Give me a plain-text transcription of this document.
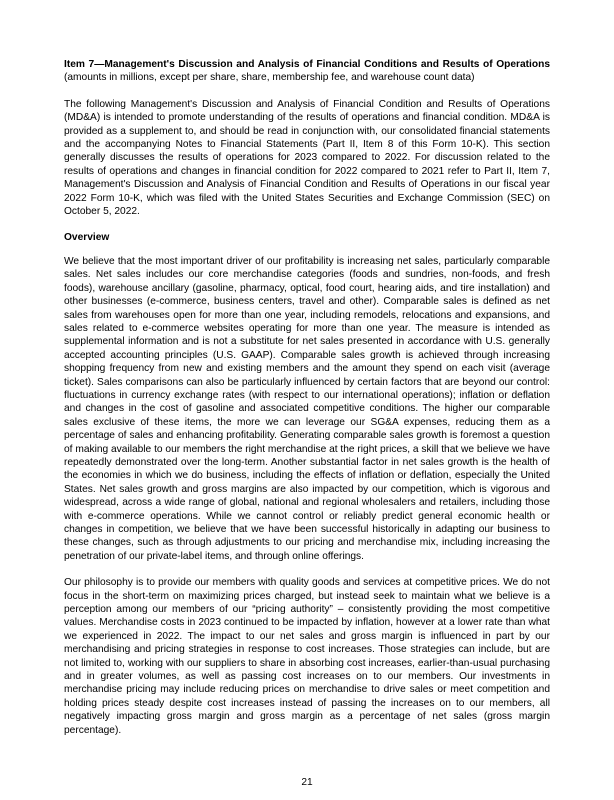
Item 7—Management's Discussion and Analysis of Financial Conditions and Results of Operations (amounts in millions, except per share, share, membership fee, and warehouse count data)

The following Management's Discussion and Analysis of Financial Condition and Results of Operations (MD&A) is intended to promote understanding of the results of operations and financial condition. MD&A is provided as a supplement to, and should be read in conjunction with, our consolidated financial statements and the accompanying Notes to Financial Statements (Part II, Item 8 of this Form 10-K). This section generally discusses the results of operations for 2023 compared to 2022. For discussion related to the results of operations and changes in financial condition for 2022 compared to 2021 refer to Part II, Item 7, Management's Discussion and Analysis of Financial Condition and Results of Operations in our fiscal year 2022 Form 10-K, which was filed with the United States Securities and Exchange Commission (SEC) on October 5, 2022.

Overview

We believe that the most important driver of our profitability is increasing net sales, particularly comparable sales. Net sales includes our core merchandise categories (foods and sundries, non-foods, and fresh foods), warehouse ancillary (gasoline, pharmacy, optical, food court, hearing aids, and tire installation) and other businesses (e-commerce, business centers, travel and other). Comparable sales is defined as net sales from warehouses open for more than one year, including remodels, relocations and expansions, and sales related to e-commerce websites operating for more than one year. The measure is intended as supplemental information and is not a substitute for net sales presented in accordance with U.S. generally accepted accounting principles (U.S. GAAP). Comparable sales growth is achieved through increasing shopping frequency from new and existing members and the amount they spend on each visit (average ticket). Sales comparisons can also be particularly influenced by certain factors that are beyond our control: fluctuations in currency exchange rates (with respect to our international operations); inflation or deflation and changes in the cost of gasoline and associated competitive conditions. The higher our comparable sales exclusive of these items, the more we can leverage our SG&A expenses, reducing them as a percentage of sales and enhancing profitability. Generating comparable sales growth is foremost a question of making available to our members the right merchandise at the right prices, a skill that we believe we have repeatedly demonstrated over the long-term. Another substantial factor in net sales growth is the health of the economies in which we do business, including the effects of inflation or deflation, especially the United States. Net sales growth and gross margins are also impacted by our competition, which is vigorous and widespread, across a wide range of global, national and regional wholesalers and retailers, including those with e-commerce operations. While we cannot control or reliably predict general economic health or changes in competition, we believe that we have been successful historically in adapting our business to these changes, such as through adjustments to our pricing and merchandise mix, including increasing the penetration of our private-label items, and through online offerings.

Our philosophy is to provide our members with quality goods and services at competitive prices. We do not focus in the short-term on maximizing prices charged, but instead seek to maintain what we believe is a perception among our members of our “pricing authority” – consistently providing the most competitive values. Merchandise costs in 2023 continued to be impacted by inflation, however at a lower rate than what we experienced in 2022. The impact to our net sales and gross margin is influenced in part by our merchandising and pricing strategies in response to cost increases. Those strategies can include, but are not limited to, working with our suppliers to share in absorbing cost increases, earlier-than-usual purchasing and in greater volumes, as well as passing cost increases on to our members. Our investments in merchandise pricing may include reducing prices on merchandise to drive sales or meet competition and holding prices steady despite cost increases instead of passing the increases on to our members, all negatively impacting gross margin and gross margin as a percentage of net sales (gross margin percentage).

21
